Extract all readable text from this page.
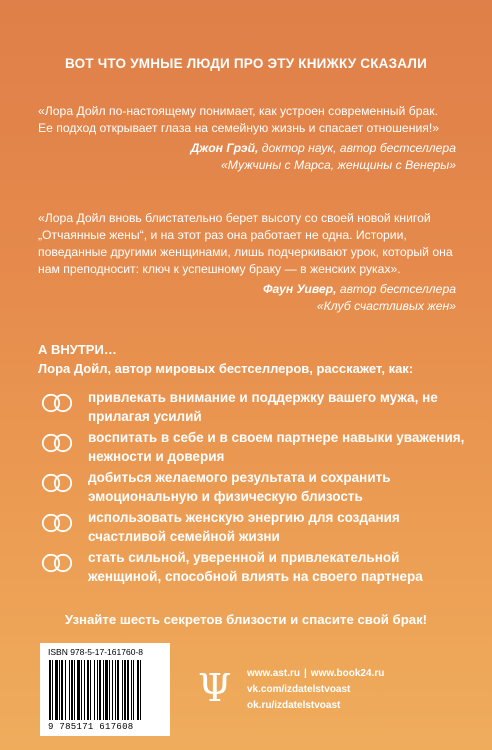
ВОТ ЧТО УМНЫЕ ЛЮДИ ПРО ЭТУ КНИЖКУ СКАЗАЛИ

«Лора Дойл по-настоящему понимает, как устроен современный брак. Ее подход открывает глаза на семейную жизнь и спасает отношения!»

Джон Грэй, доктор наук, автор бестселлера
«Мужчины с Марса, женщины с Венеры»

«Лора Дойл вновь блистательно берет высоту со своей новой книгой „Отчаянные жены“, и на этот раз она работает не одна. Истории, поведанные другими женщинами, лишь подчеркивают урок, который она нам преподносит: ключ к успешному браку — в женских руках».

Фаун Уивер, автор бестселлера
«Клуб счастливых жен»
А ВНУТРИ…
Лора Дойл, автор мировых бестселлеров, расскажет, как:
привлекать внимание и поддержку вашего мужа, не прилагая усилий
воспитать в себе и в своем партнере навыки уважения, нежности и доверия
добиться желаемого результата и сохранить эмоциональную и физическую близость
использовать женскую энергию для создания счастливой семейной жизни
стать сильной, уверенной и привлекательной женщиной, способной влиять на своего партнера
Узнайте шесть секретов близости и спасите свой брак!
ISBN 978-5-17-161760-8
9 785171 617608
Ψ www.ast.ru | www.book24.ru
vk.com/izdatelstvoast
ok.ru/izdatelstvoast
